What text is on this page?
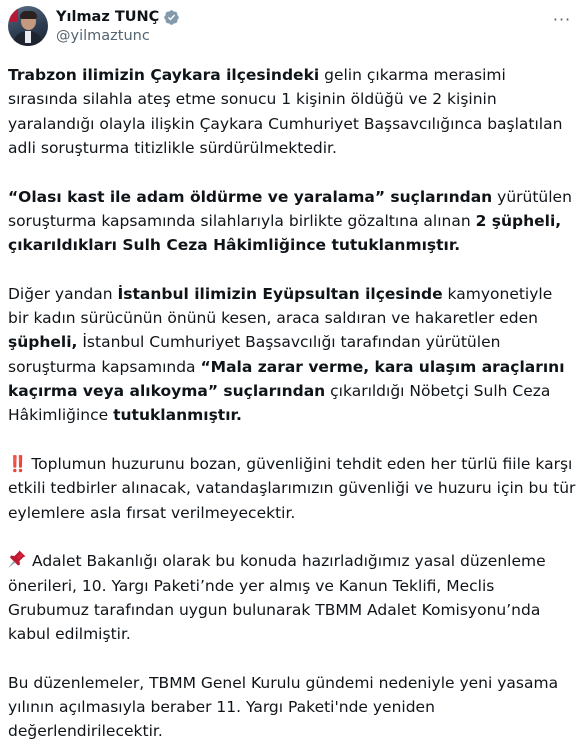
Yılmaz TUNÇ
@yilmaztunc
···

Trabzon ilimizin Çaykara ilçesindeki gelin çıkarma merasimi sırasında silahla ateş etme sonucu 1 kişinin öldüğü ve 2 kişinin yaralandığı olayla ilişkin Çaykara Cumhuriyet Başsavcılığınca başlatılan adli soruşturma titizlikle sürdürülmektedir.

“Olası kast ile adam öldürme ve yaralama” suçlarından yürütülen soruşturma kapsamında silahlarıyla birlikte gözaltına alınan 2 şüpheli, çıkarıldıkları Sulh Ceza Hâkimliğince tutuklanmıştır.

Diğer yandan İstanbul ilimizin Eyüpsultan ilçesinde kamyonetiyle bir kadın sürücünün önünü kesen, araca saldıran ve hakaretler eden şüpheli, İstanbul Cumhuriyet Başsavcılığı tarafından yürütülen soruşturma kapsamında “Mala zarar verme, kara ulaşım araçlarını kaçırma veya alıkoyma” suçlarından çıkarıldığı Nöbetçi Sulh Ceza Hâkimliğince tutuklanmıştır.

‼️ Toplumun huzurunu bozan, güvenliğini tehdit eden her türlü fiile karşı etkili tedbirler alınacak, vatandaşlarımızın güvenliği ve huzuru için bu tür eylemlere asla fırsat verilmeyecektir.

Adalet Bakanlığı olarak bu konuda hazırladığımız yasal düzenleme önerileri, 10. Yargı Paketi’nde yer almış ve Kanun Teklifi, Meclis Grubumuz tarafından uygun bulunarak TBMM Adalet Komisyonu’nda kabul edilmiştir.

Bu düzenlemeler, TBMM Genel Kurulu gündemi nedeniyle yeni yasama yılının açılmasıyla beraber 11. Yargı Paketi'nde yeniden değerlendirilecektir.
